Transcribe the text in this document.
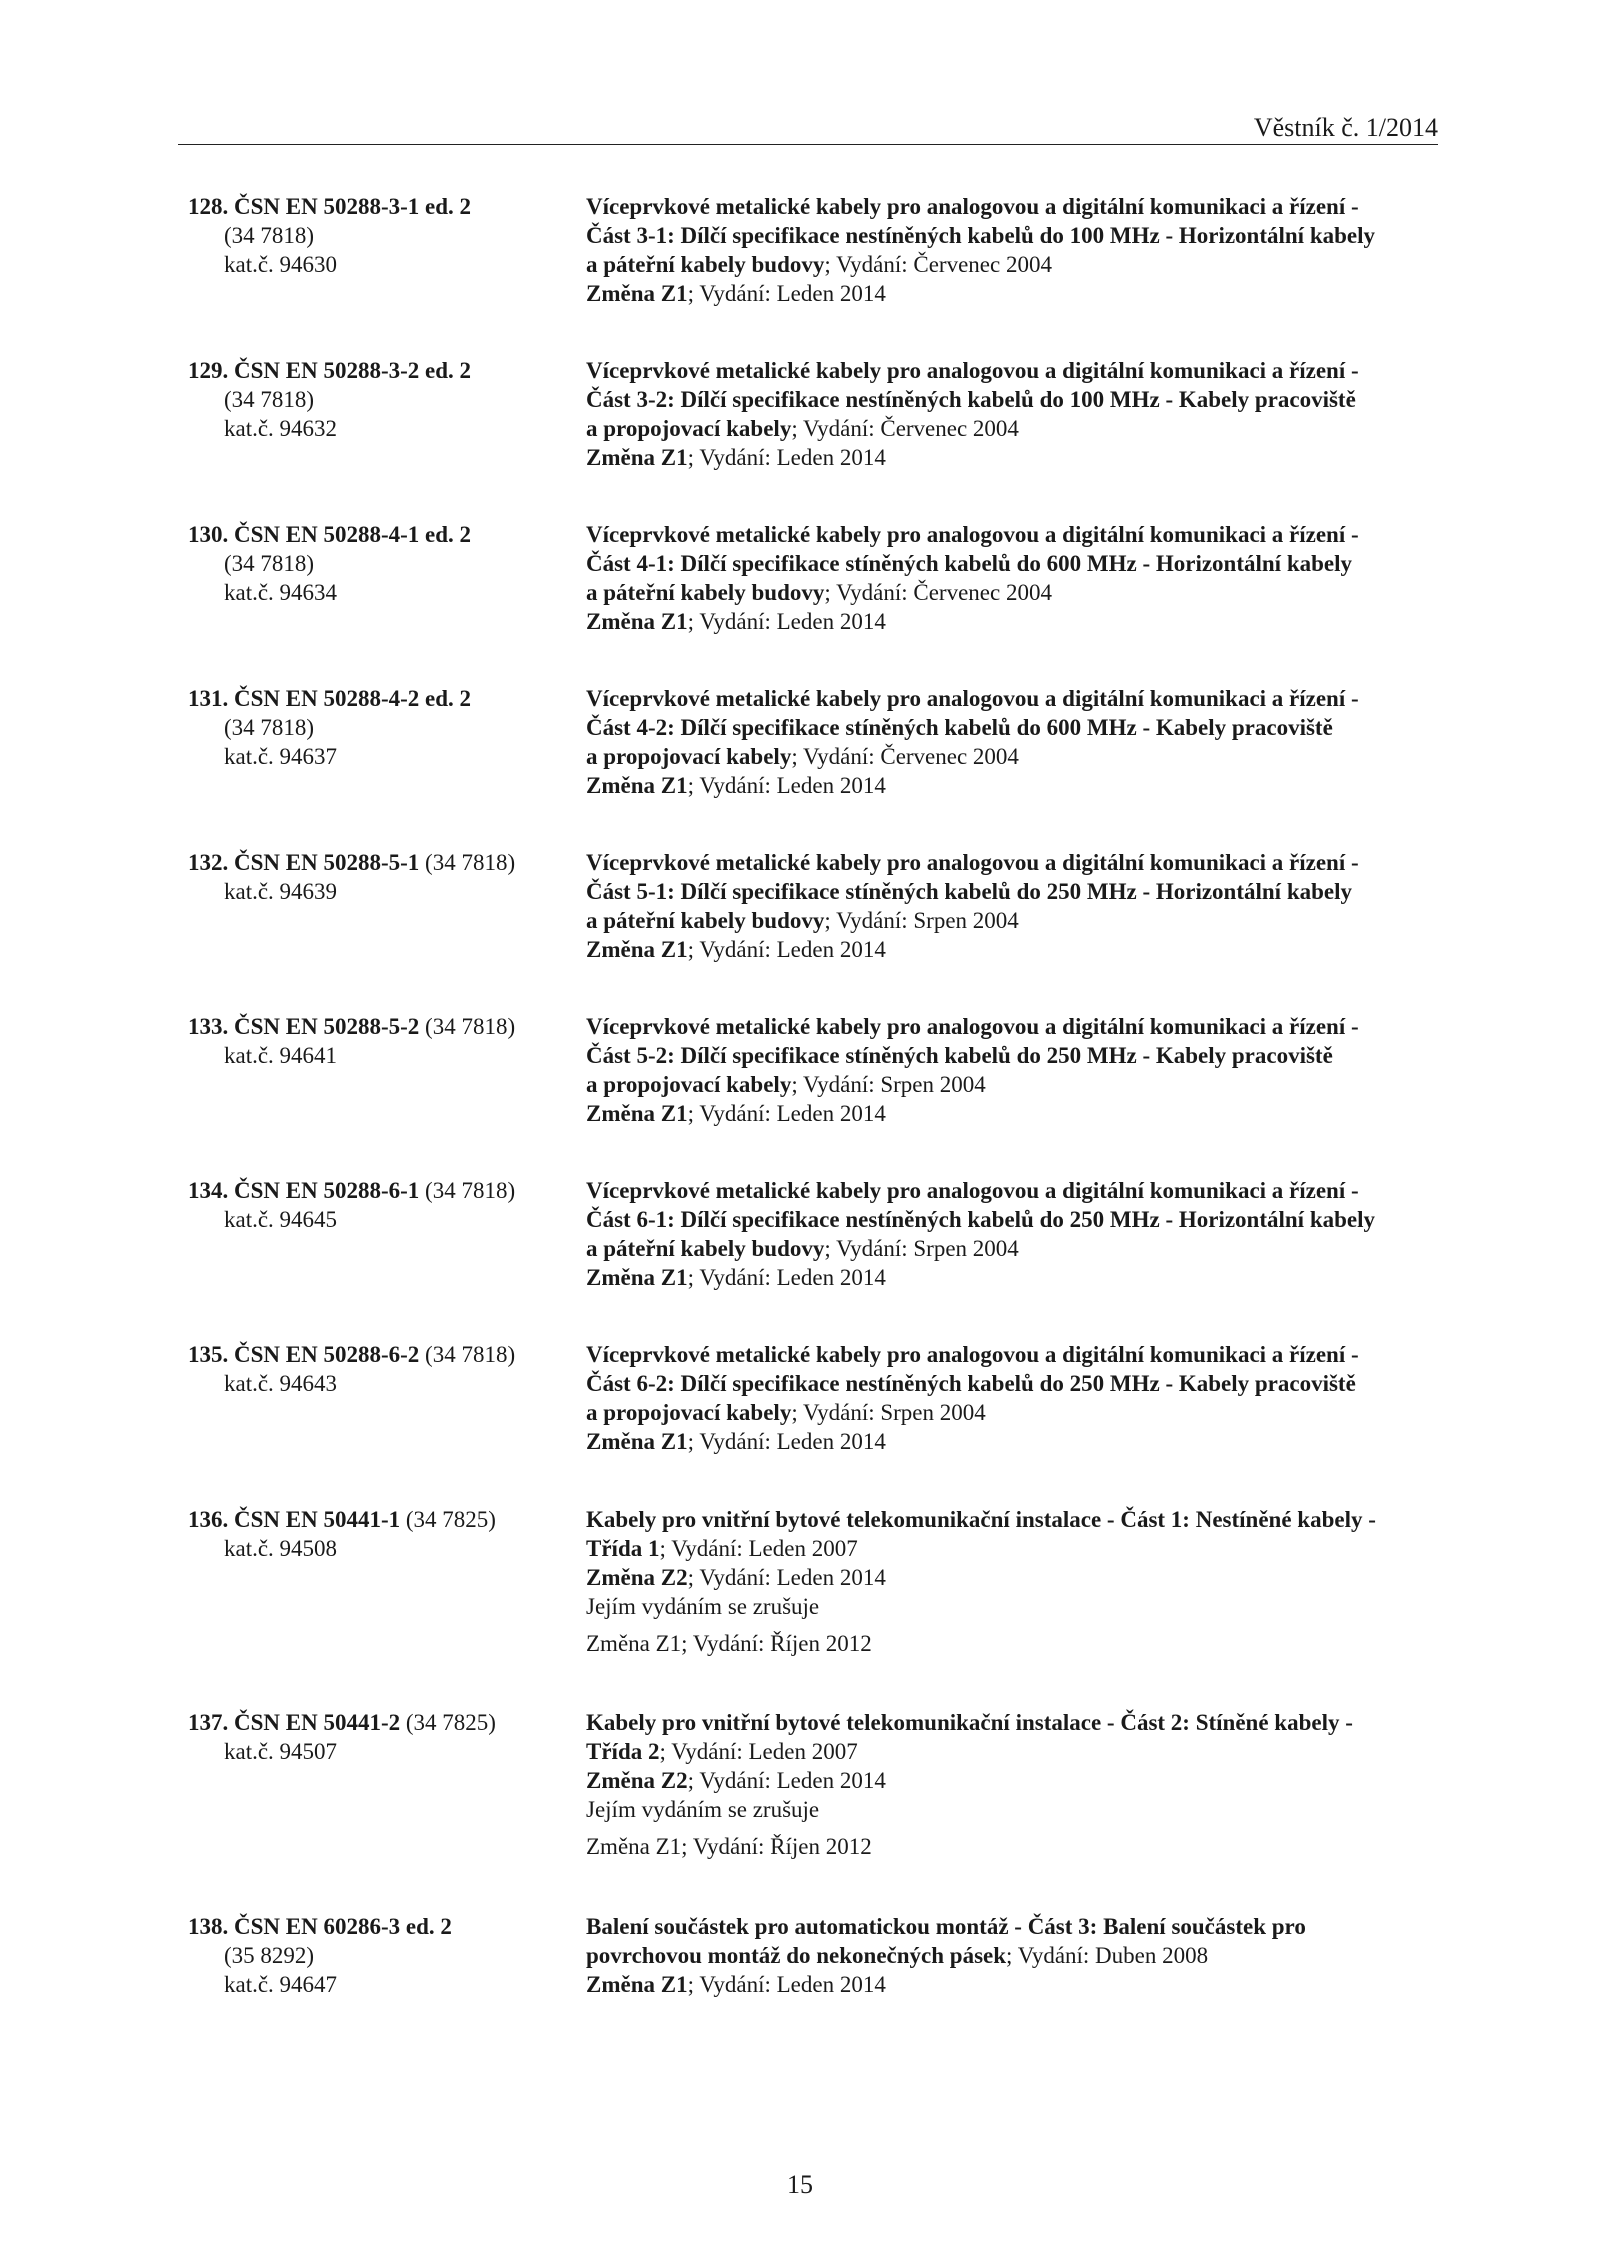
Věstník č. 1/2014
128. ČSN EN 50288-3-1 ed. 2
(34 7818)
kat.č. 94630
Víceprvkové metalické kabely pro analogovou a digitální komunikaci a řízení -
Část 3-1: Dílčí specifikace nestíněných kabelů do 100 MHz - Horizontální kabely
a páteřní kabely budovy; Vydání: Červenec 2004
Změna Z1; Vydání: Leden 2014
129. ČSN EN 50288-3-2 ed. 2
(34 7818)
kat.č. 94632
Víceprvkové metalické kabely pro analogovou a digitální komunikaci a řízení -
Část 3-2: Dílčí specifikace nestíněných kabelů do 100 MHz - Kabely pracoviště
a propojovací kabely; Vydání: Červenec 2004
Změna Z1; Vydání: Leden 2014
130. ČSN EN 50288-4-1 ed. 2
(34 7818)
kat.č. 94634
Víceprvkové metalické kabely pro analogovou a digitální komunikaci a řízení -
Část 4-1: Dílčí specifikace stíněných kabelů do 600 MHz - Horizontální kabely
a páteřní kabely budovy; Vydání: Červenec 2004
Změna Z1; Vydání: Leden 2014
131. ČSN EN 50288-4-2 ed. 2
(34 7818)
kat.č. 94637
Víceprvkové metalické kabely pro analogovou a digitální komunikaci a řízení -
Část 4-2: Dílčí specifikace stíněných kabelů do 600 MHz - Kabely pracoviště
a propojovací kabely; Vydání: Červenec 2004
Změna Z1; Vydání: Leden 2014
132. ČSN EN 50288-5-1 (34 7818)
kat.č. 94639
Víceprvkové metalické kabely pro analogovou a digitální komunikaci a řízení -
Část 5-1: Dílčí specifikace stíněných kabelů do 250 MHz - Horizontální kabely
a páteřní kabely budovy; Vydání: Srpen 2004
Změna Z1; Vydání: Leden 2014
133. ČSN EN 50288-5-2 (34 7818)
kat.č. 94641
Víceprvkové metalické kabely pro analogovou a digitální komunikaci a řízení -
Část 5-2: Dílčí specifikace stíněných kabelů do 250 MHz - Kabely pracoviště
a propojovací kabely; Vydání: Srpen 2004
Změna Z1; Vydání: Leden 2014
134. ČSN EN 50288-6-1 (34 7818)
kat.č. 94645
Víceprvkové metalické kabely pro analogovou a digitální komunikaci a řízení -
Část 6-1: Dílčí specifikace nestíněných kabelů do 250 MHz - Horizontální kabely
a páteřní kabely budovy; Vydání: Srpen 2004
Změna Z1; Vydání: Leden 2014
135. ČSN EN 50288-6-2 (34 7818)
kat.č. 94643
Víceprvkové metalické kabely pro analogovou a digitální komunikaci a řízení -
Část 6-2: Dílčí specifikace nestíněných kabelů do 250 MHz - Kabely pracoviště
a propojovací kabely; Vydání: Srpen 2004
Změna Z1; Vydání: Leden 2014
136. ČSN EN 50441-1 (34 7825)
kat.č. 94508
Kabely pro vnitřní bytové telekomunikační instalace - Část 1: Nestíněné kabely -
Třída 1; Vydání: Leden 2007
Změna Z2; Vydání: Leden 2014
Jejím vydáním se zrušuje
Změna Z1; Vydání: Říjen 2012
137. ČSN EN 50441-2 (34 7825)
kat.č. 94507
Kabely pro vnitřní bytové telekomunikační instalace - Část 2: Stíněné kabely -
Třída 2; Vydání: Leden 2007
Změna Z2; Vydání: Leden 2014
Jejím vydáním se zrušuje
Změna Z1; Vydání: Říjen 2012
138. ČSN EN 60286-3 ed. 2
(35 8292)
kat.č. 94647
Balení součástek pro automatickou montáž - Část 3: Balení součástek pro
povrchovou montáž do nekonečných pásek; Vydání: Duben 2008
Změna Z1; Vydání: Leden 2014
15
